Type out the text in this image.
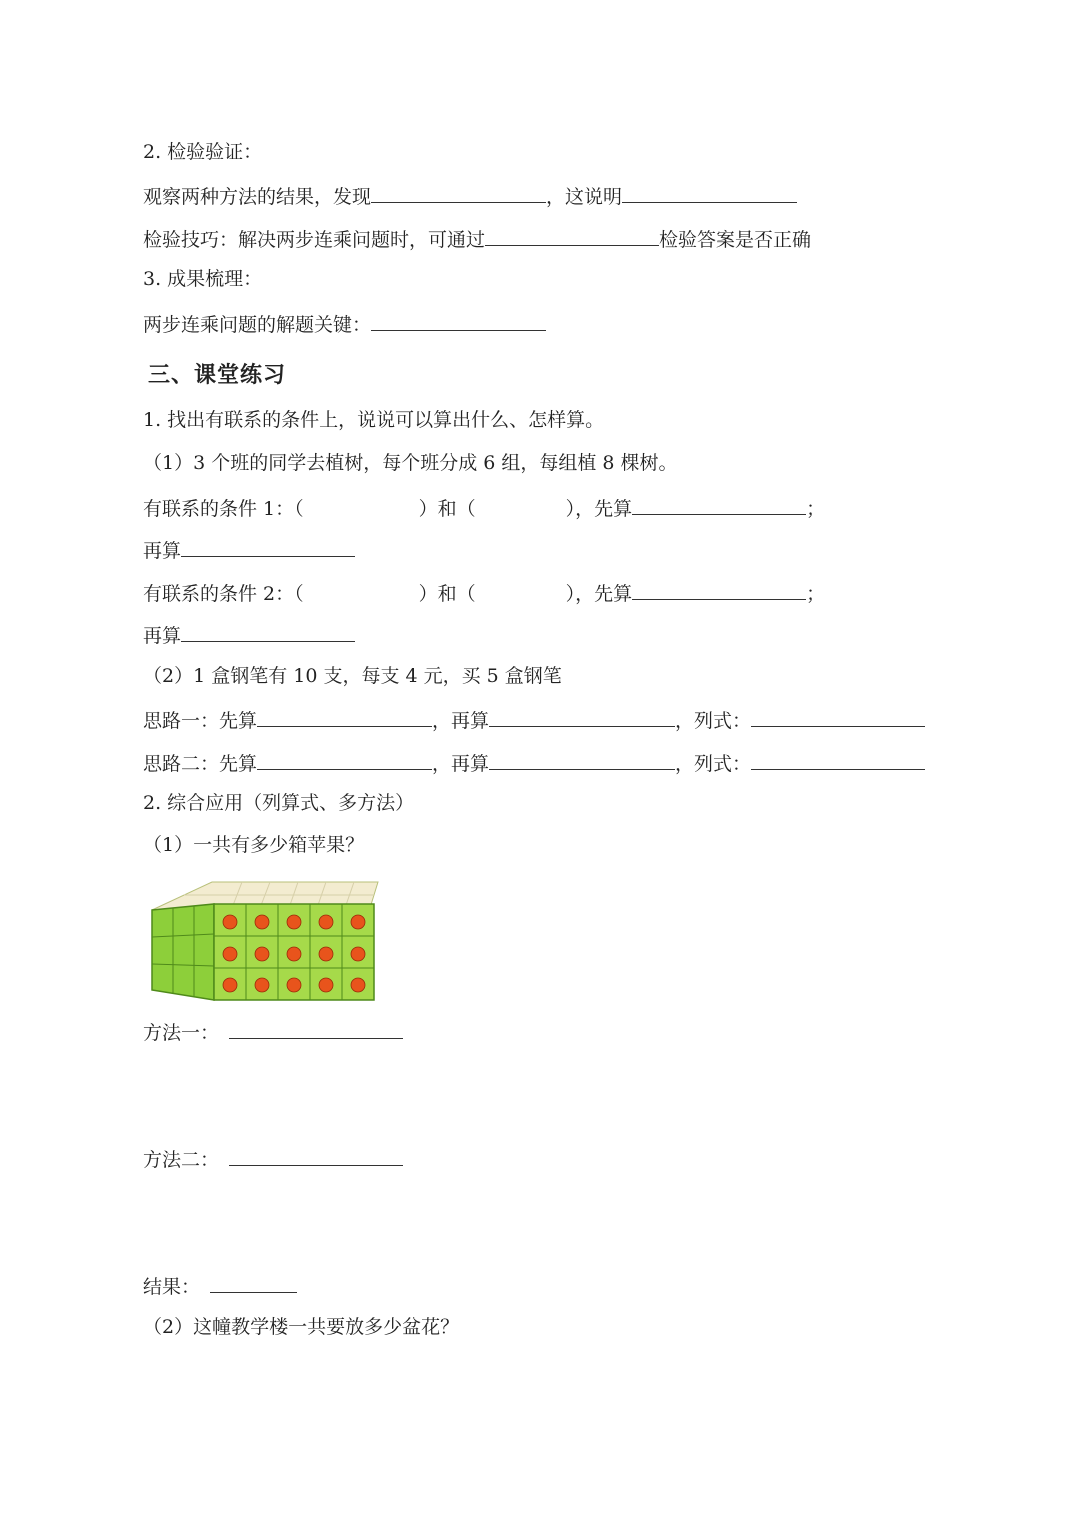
2. 检验验证：
观察两种方法的结果，发现	，这说明
检验技巧：解决两步连乘问题时，可通过	检验答案是否正确
3. 成果梳理：
两步连乘问题的解题关键：
三、课堂练习
1. 找出有联系的条件上，说说可以算出什么、怎样算。
（1）3 个班的同学去植树，每个班分成 6 组，每组植 8 棵树。
有联系的条件 1：（	）和（	），先算	；
再算
有联系的条件 2：（	）和（	），先算	；
再算
（2）1 盒钢笔有 10 支，每支 4 元，买 5 盒钢笔
思路一：先算	，再算	，列式：
思路二：先算	，再算	，列式：
2. 综合应用（列算式、多方法）
（1）一共有多少箱苹果？
方法一：
方法二：
结果：
（2）这幢教学楼一共要放多少盆花？
